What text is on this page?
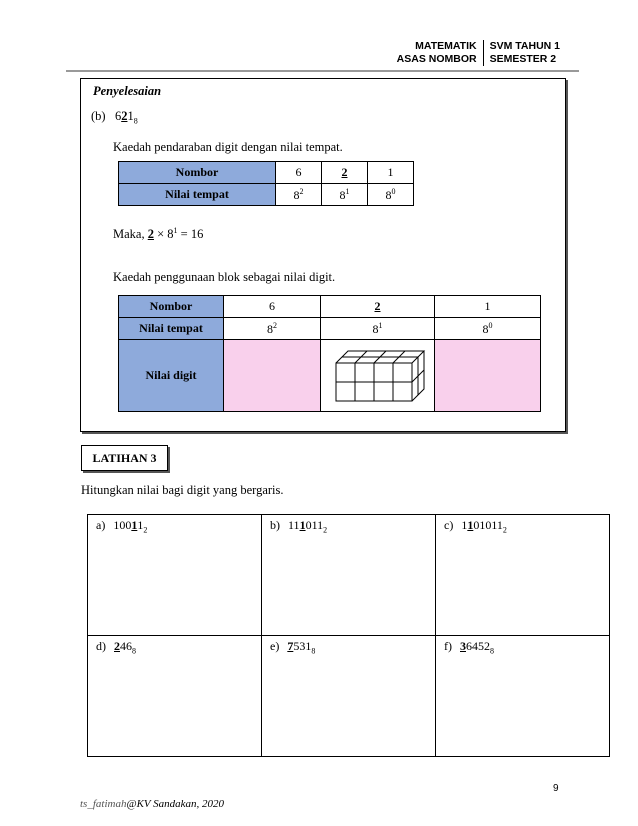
MATEMATIK
ASAS NOMBOR
SVM TAHUN 1
SEMESTER 2
Penyelesaian
(b) $621_8$
Kaedah pendaraban digit dengan nilai tempat.
Nombor	6	2	1
Nilai tempat	$8^2$	$8^1$	$8^0$
Maka, $2 \times 8^1 = 16$
Kaedah penggunaan blok sebagai nilai digit.
Nombor	6	2	1
Nilai tempat	$8^2$	$8^1$	$8^0$
Nilai digit		

LATIHAN 3
Hitungkan nilai bagi digit yang bergaris.
a) $10011_2$	b) $111011_2$	c) $1101011_2$
d) $246_8$	e) $7531_8$	f) $36452_8$
9
ts_fatimah@KV Sandakan, 2020
